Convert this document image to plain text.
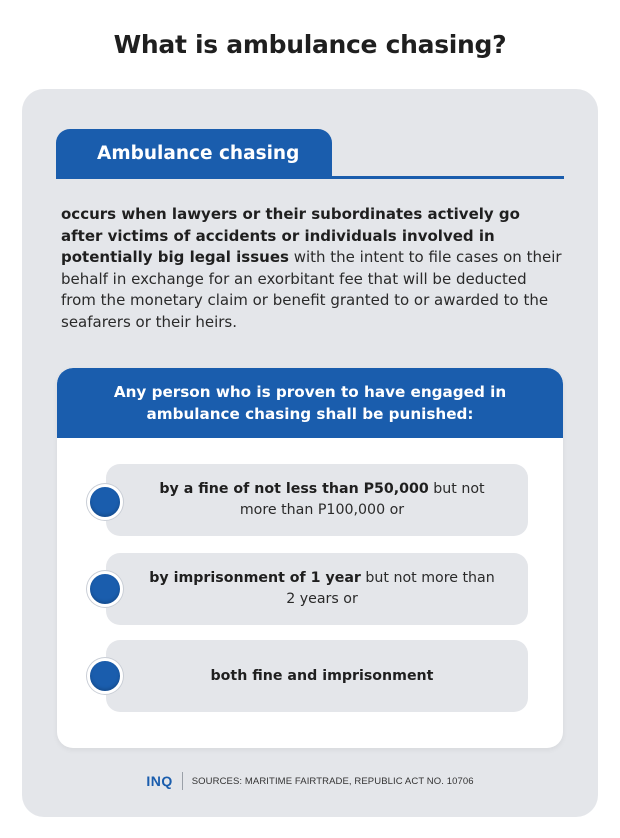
What is ambulance chasing?
Ambulance chasing
occurs when lawyers or their subordinates actively go after victims of accidents or individuals involved in potentially big legal issues with the intent to file cases on their behalf in exchange for an exorbitant fee that will be deducted from the monetary claim or benefit granted to or awarded to the seafarers or their heirs.
Any person who is proven to have engaged in
ambulance chasing shall be punished:
by a fine of not less than P50,000 but not more than P100,000 or
by imprisonment of 1 year but not more than 2 years or
both fine and imprisonment
INQ SOURCES: MARITIME FAIRTRADE, REPUBLIC ACT NO. 10706
